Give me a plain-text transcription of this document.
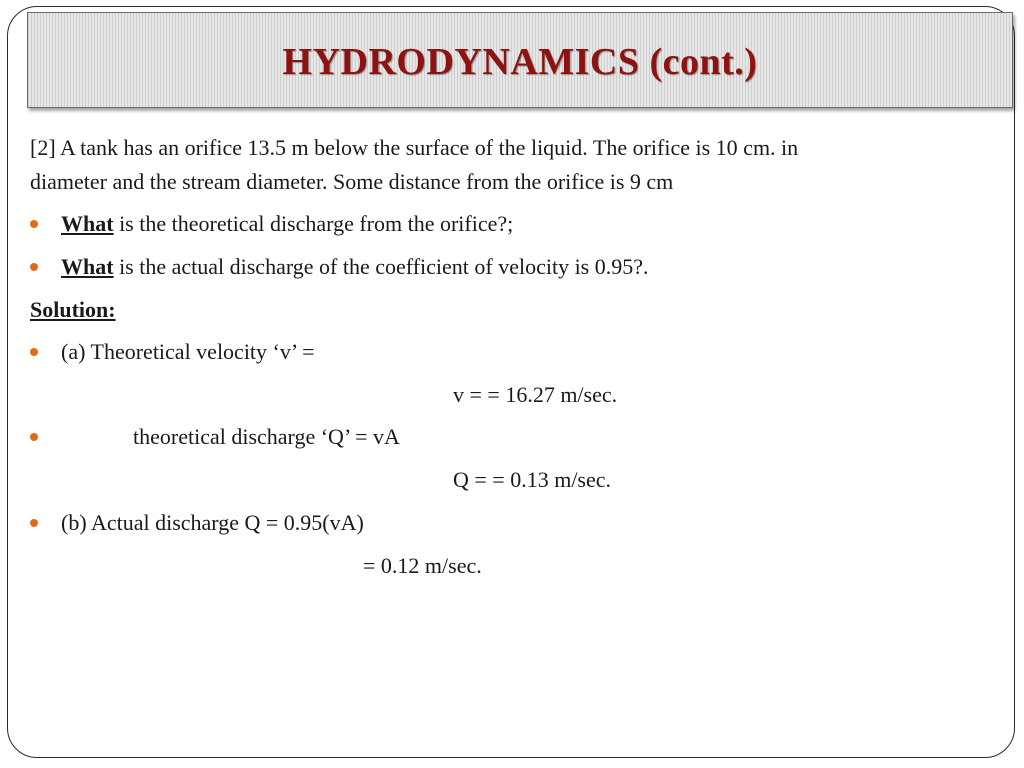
HYDRODYNAMICS (cont.)
[2] A tank has an orifice 13.5 m below the surface of the liquid. The orifice is 10 cm. in
diameter and the stream diameter. Some distance from the orifice is 9 cm
What is the theoretical discharge from the orifice?;
What is the actual discharge of the coefficient of velocity is 0.95?.
Solution:
(a) Theoretical velocity ‘v’ =
v = = 16.27 m/sec.
theoretical discharge ‘Q’ = vA
Q = = 0.13 m/sec.
(b) Actual discharge Q = 0.95(vA)
= 0.12 m/sec.
